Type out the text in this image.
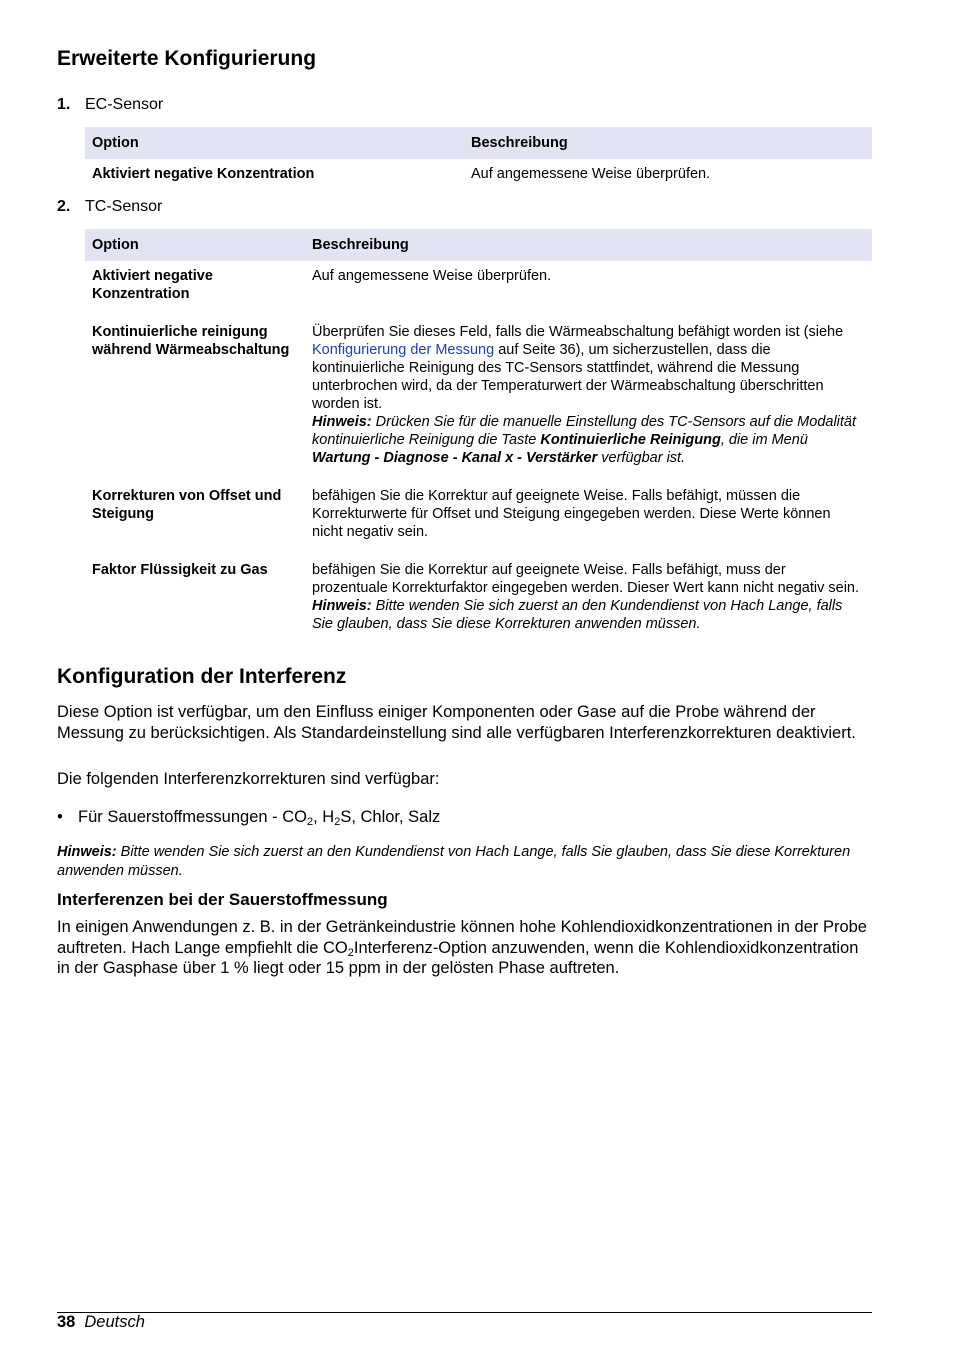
Erweiterte Konfigurierung
1. EC-Sensor
Option	Beschreibung
Aktiviert negative Konzentration	Auf angemessene Weise überprüfen.
2. TC-Sensor
Option	Beschreibung
Aktiviert negative Konzentration	Auf angemessene Weise überprüfen.
Kontinuierliche reinigung während Wärmeabschaltung	Überprüfen Sie dieses Feld, falls die Wärmeabschaltung befähigt worden ist (siehe Konfigurierung der Messung auf Seite 36), um sicherzustellen, dass die kontinuierliche Reinigung des TC-Sensors stattfindet, während die Messung unterbrochen wird, da der Temperaturwert der Wärmeabschaltung überschritten worden ist.
Hinweis: Drücken Sie für die manuelle Einstellung des TC-Sensors auf die Modalität kontinuierliche Reinigung die Taste Kontinuierliche Reinigung, die im Menü Wartung - Diagnose - Kanal x - Verstärker verfügbar ist.
Korrekturen von Offset und Steigung	befähigen Sie die Korrektur auf geeignete Weise. Falls befähigt, müssen die Korrekturwerte für Offset und Steigung eingegeben werden. Diese Werte können nicht negativ sein.
Faktor Flüssigkeit zu Gas	befähigen Sie die Korrektur auf geeignete Weise. Falls befähigt, muss der prozentuale Korrekturfaktor eingegeben werden. Dieser Wert kann nicht negativ sein.
Hinweis: Bitte wenden Sie sich zuerst an den Kundendienst von Hach Lange, falls Sie glauben, dass Sie diese Korrekturen anwenden müssen.
Konfiguration der Interferenz

Diese Option ist verfügbar, um den Einfluss einiger Komponenten oder Gase auf die Probe während der Messung zu berücksichtigen. Als Standardeinstellung sind alle verfügbaren Interferenzkorrekturen deaktiviert.

Die folgenden Interferenzkorrekturen sind verfügbar:

• Für Sauerstoffmessungen - $CO_2$, $H_2S$, Chlor, Salz

Hinweis: Bitte wenden Sie sich zuerst an den Kundendienst von Hach Lange, falls Sie glauben, dass Sie diese Korrekturen anwenden müssen.

Interferenzen bei der Sauerstoffmessung

In einigen Anwendungen z. B. in der Getränkeindustrie können hohe Kohlendioxidkonzentrationen in der Probe auftreten. Hach Lange empfiehlt die $CO_2Interferenz$-Option anzuwenden, wenn die Kohlendioxidkonzentration in der Gasphase über 1 % liegt oder 15 ppm in der gelösten Phase auftreten.

38 Deutsch
